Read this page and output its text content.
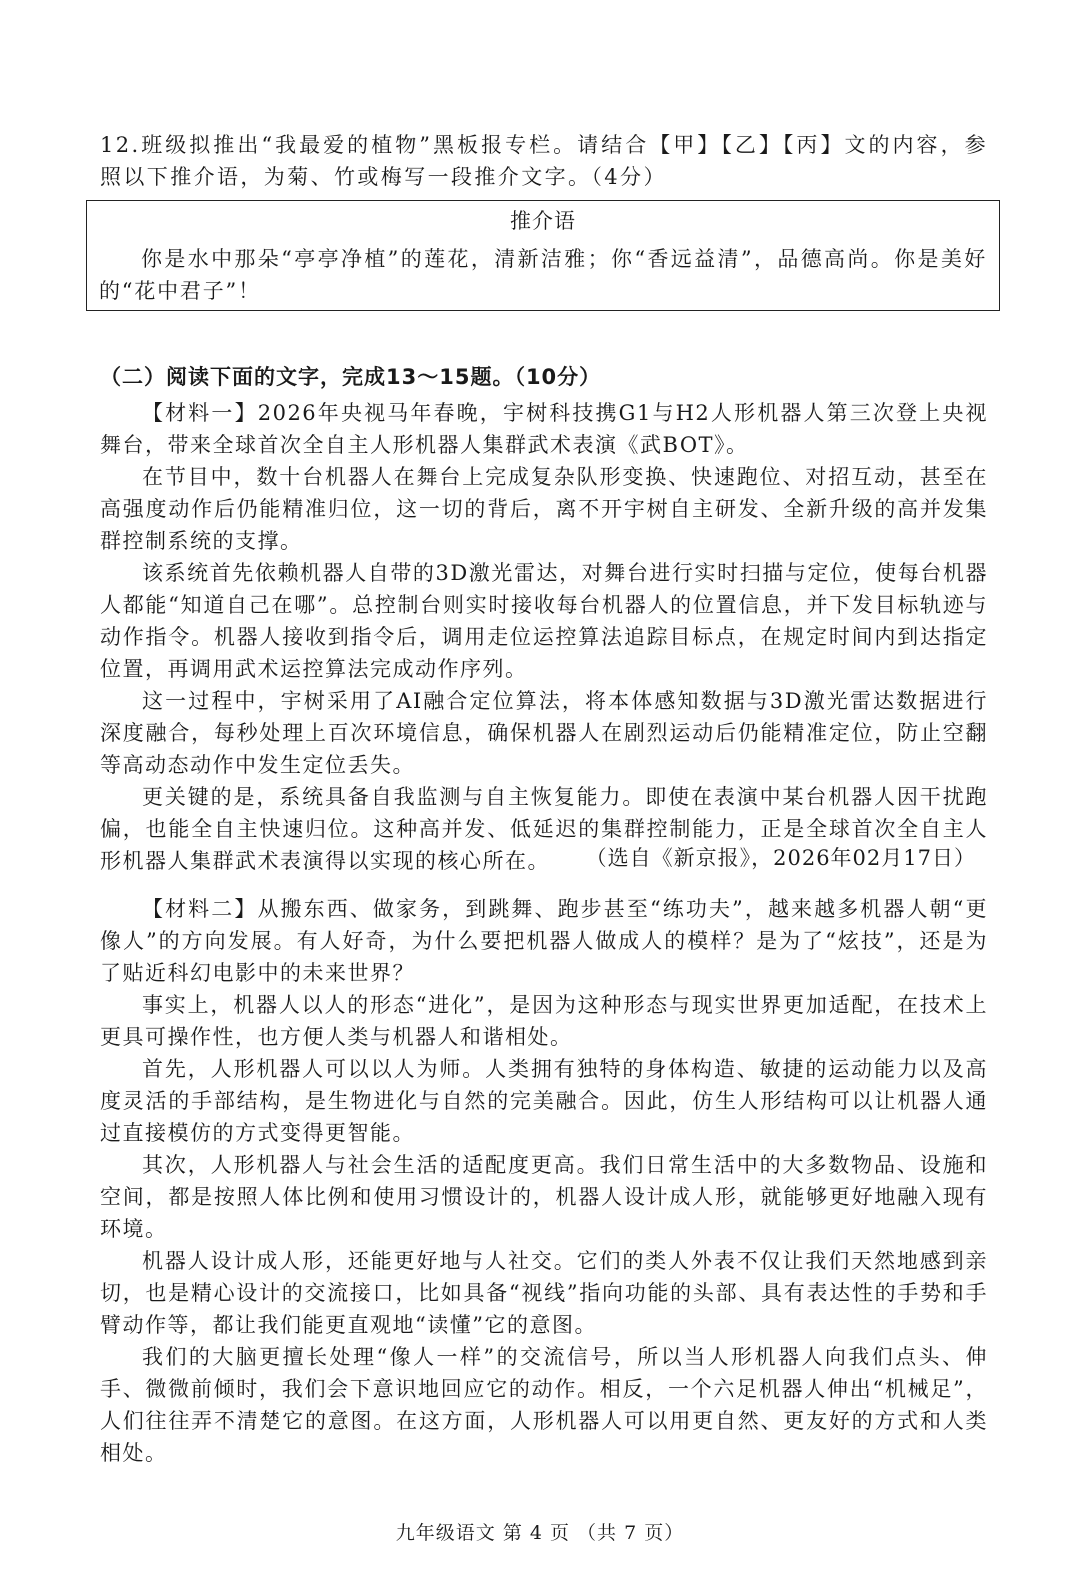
12.班级拟推出“我最爱的植物”黑板报专栏。请结合【甲】【乙】【丙】文的内容，参照以下推介语，为菊、竹或梅写一段推介文字。（4分）

推介语

你是水中那朵“亭亭净植”的莲花，清新洁雅；你“香远益清”，品德高尚。你是美好的“花中君子”！

（二）阅读下面的文字，完成13～15题。（10分）

【材料一】2026年央视马年春晚，宇树科技携G1与H2人形机器人第三次登上央视舞台，带来全球首次全自主人形机器人集群武术表演《武BOT》。

在节目中，数十台机器人在舞台上完成复杂队形变换、快速跑位、对招互动，甚至在高强度动作后仍能精准归位，这一切的背后，离不开宇树自主研发、全新升级的高并发集群控制系统的支撑。

该系统首先依赖机器人自带的3D激光雷达，对舞台进行实时扫描与定位，使每台机器人都能“知道自己在哪”。总控制台则实时接收每台机器人的位置信息，并下发目标轨迹与动作指令。机器人接收到指令后，调用走位运控算法追踪目标点，在规定时间内到达指定位置，再调用武术运控算法完成动作序列。

这一过程中，宇树采用了AI融合定位算法，将本体感知数据与3D激光雷达数据进行深度融合，每秒处理上百次环境信息，确保机器人在剧烈运动后仍能精准定位，防止空翻等高动态动作中发生定位丢失。

更关键的是，系统具备自我监测与自主恢复能力。即使在表演中某台机器人因干扰跑偏，也能全自主快速归位。这种高并发、低延迟的集群控制能力，正是全球首次全自主人形机器人集群武术表演得以实现的核心所在。	（选自《新京报》，2026年02月17日）

【材料二】从搬东西、做家务，到跳舞、跑步甚至“练功夫”，越来越多机器人朝“更像人”的方向发展。有人好奇，为什么要把机器人做成人的模样？是为了“炫技”，还是为了贴近科幻电影中的未来世界？

事实上，机器人以人的形态“进化”，是因为这种形态与现实世界更加适配，在技术上更具可操作性，也方便人类与机器人和谐相处。

首先，人形机器人可以以人为师。人类拥有独特的身体构造、敏捷的运动能力以及高度灵活的手部结构，是生物进化与自然的完美融合。因此，仿生人形结构可以让机器人通过直接模仿的方式变得更智能。

其次，人形机器人与社会生活的适配度更高。我们日常生活中的大多数物品、设施和空间，都是按照人体比例和使用习惯设计的，机器人设计成人形，就能够更好地融入现有环境。

机器人设计成人形，还能更好地与人社交。它们的类人外表不仅让我们天然地感到亲切，也是精心设计的交流接口，比如具备“视线”指向功能的头部、具有表达性的手势和手臂动作等，都让我们能更直观地“读懂”它的意图。

我们的大脑更擅长处理“像人一样”的交流信号，所以当人形机器人向我们点头、伸手、微微前倾时，我们会下意识地回应它的动作。相反，一个六足机器人伸出“机械足”，人们往往弄不清楚它的意图。在这方面，人形机器人可以用更自然、更友好的方式和人类相处。

九年级语文 第 4 页 （共 7 页）
